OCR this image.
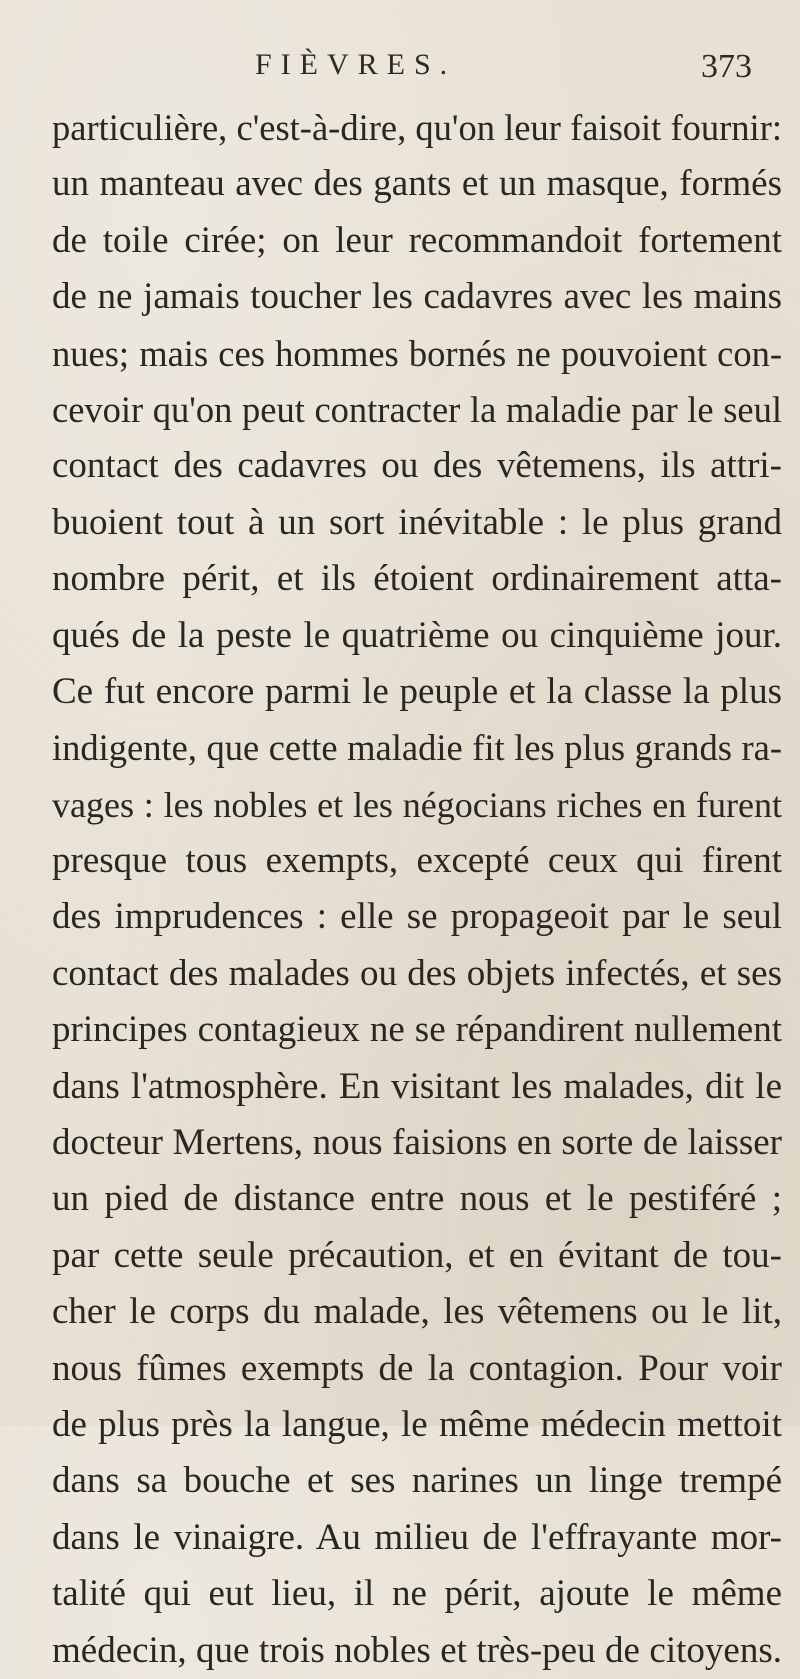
FIÈVRES.	373
particulière, c'est-à-dire, qu'on leur faisoit fournir:
un manteau avec des gants et un masque, formés
de toile cirée; on leur recommandoit fortement
de ne jamais toucher les cadavres avec les mains
nues; mais ces hommes bornés ne pouvoient con-
cevoir qu'on peut contracter la maladie par le seul
contact des cadavres ou des vêtemens, ils attri-
buoient tout à un sort inévitable : le plus grand
nombre périt, et ils étoient ordinairement atta-
qués de la peste le quatrième ou cinquième jour.
Ce fut encore parmi le peuple et la classe la plus
indigente, que cette maladie fit les plus grands ra-
vages : les nobles et les négocians riches en furent
presque tous exempts, excepté ceux qui firent
des imprudences : elle se propageoit par le seul
contact des malades ou des objets infectés, et ses
principes contagieux ne se répandirent nullement
dans l'atmosphère. En visitant les malades, dit le
docteur Mertens, nous faisions en sorte de laisser
un pied de distance entre nous et le pestiféré ;
par cette seule précaution, et en évitant de tou-
cher le corps du malade, les vêtemens ou le lit,
nous fûmes exempts de la contagion. Pour voir
de plus près la langue, le même médecin mettoit
dans sa bouche et ses narines un linge trempé
dans le vinaigre. Au milieu de l'effrayante mor-
talité qui eut lieu, il ne périt, ajoute le même
médecin, que trois nobles et très-peu de citoyens.
